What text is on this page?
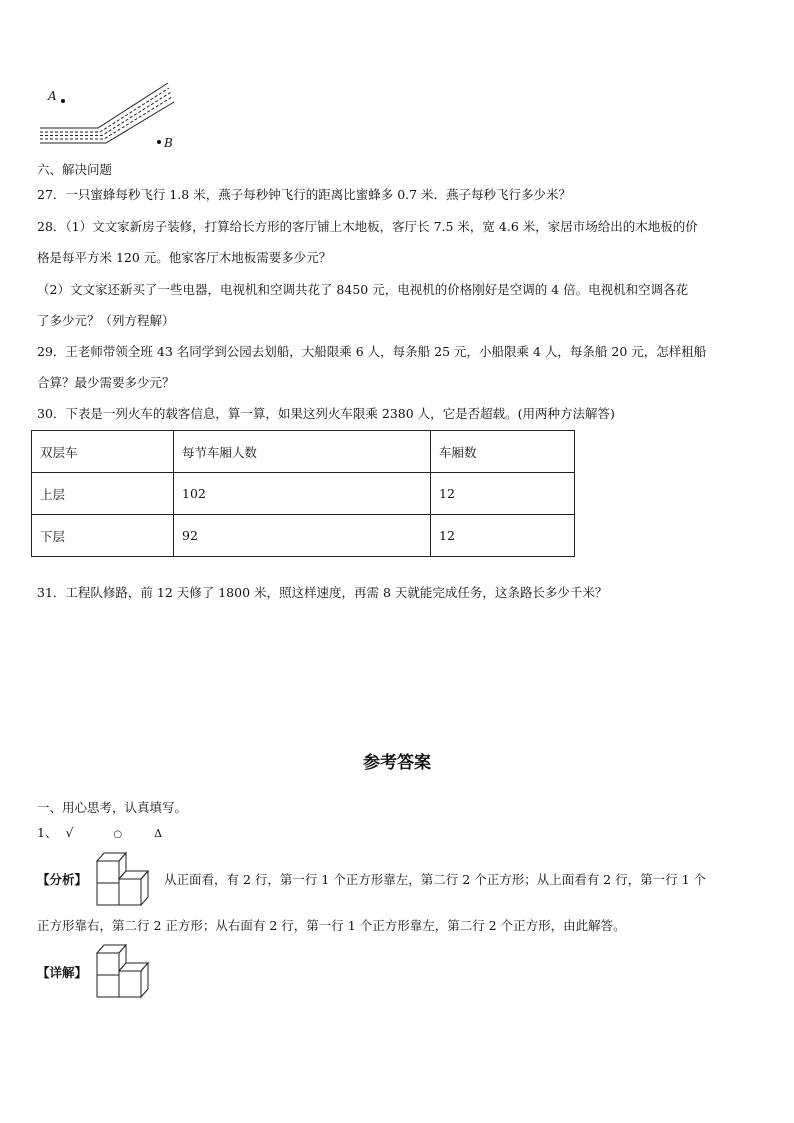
A
B
六、解决问题
27．一只蜜蜂每秒飞行 1.8 米，燕子每秒钟飞行的距离比蜜蜂多 0.7 米．燕子每秒飞行多少米？
28．（1）文文家新房子装修，打算给长方形的客厅铺上木地板，客厅长 7.5 米，宽 4.6 米，家居市场给出的木地板的价
格是每平方米 120 元。他家客厅木地板需要多少元？
（2）文文家还新买了一些电器，电视机和空调共花了 8450 元，电视机的价格刚好是空调的 4 倍。电视机和空调各花
了多少元？（列方程解）
29．王老师带领全班 43 名同学到公园去划船，大船限乘 6 人，每条船 25 元，小船限乘 4 人，每条船 20 元，怎样租船
合算？最少需要多少元？
30．下表是一列火车的载客信息，算一算，如果这列火车限乘 2380 人，它是否超载。(用两种方法解答)
双层车	每节车厢人数	车厢数
上层	102	12
下层	92	12
31．工程队修路，前 12 天修了 1800 米，照这样速度，再需 8 天就能完成任务，这条路长多少千米？
参考答案
一、用心思考，认真填写。
1、 √	○	Δ
【分析】	从正面看，有 2 行，第一行 1 个正方形靠左，第二行 2 个正方形；从上面看有 2 行，第一行 1 个
正方形靠右，第二行 2 正方形；从右面有 2 行，第一行 1 个正方形靠左，第二行 2 个正方形，由此解答。
【详解】
